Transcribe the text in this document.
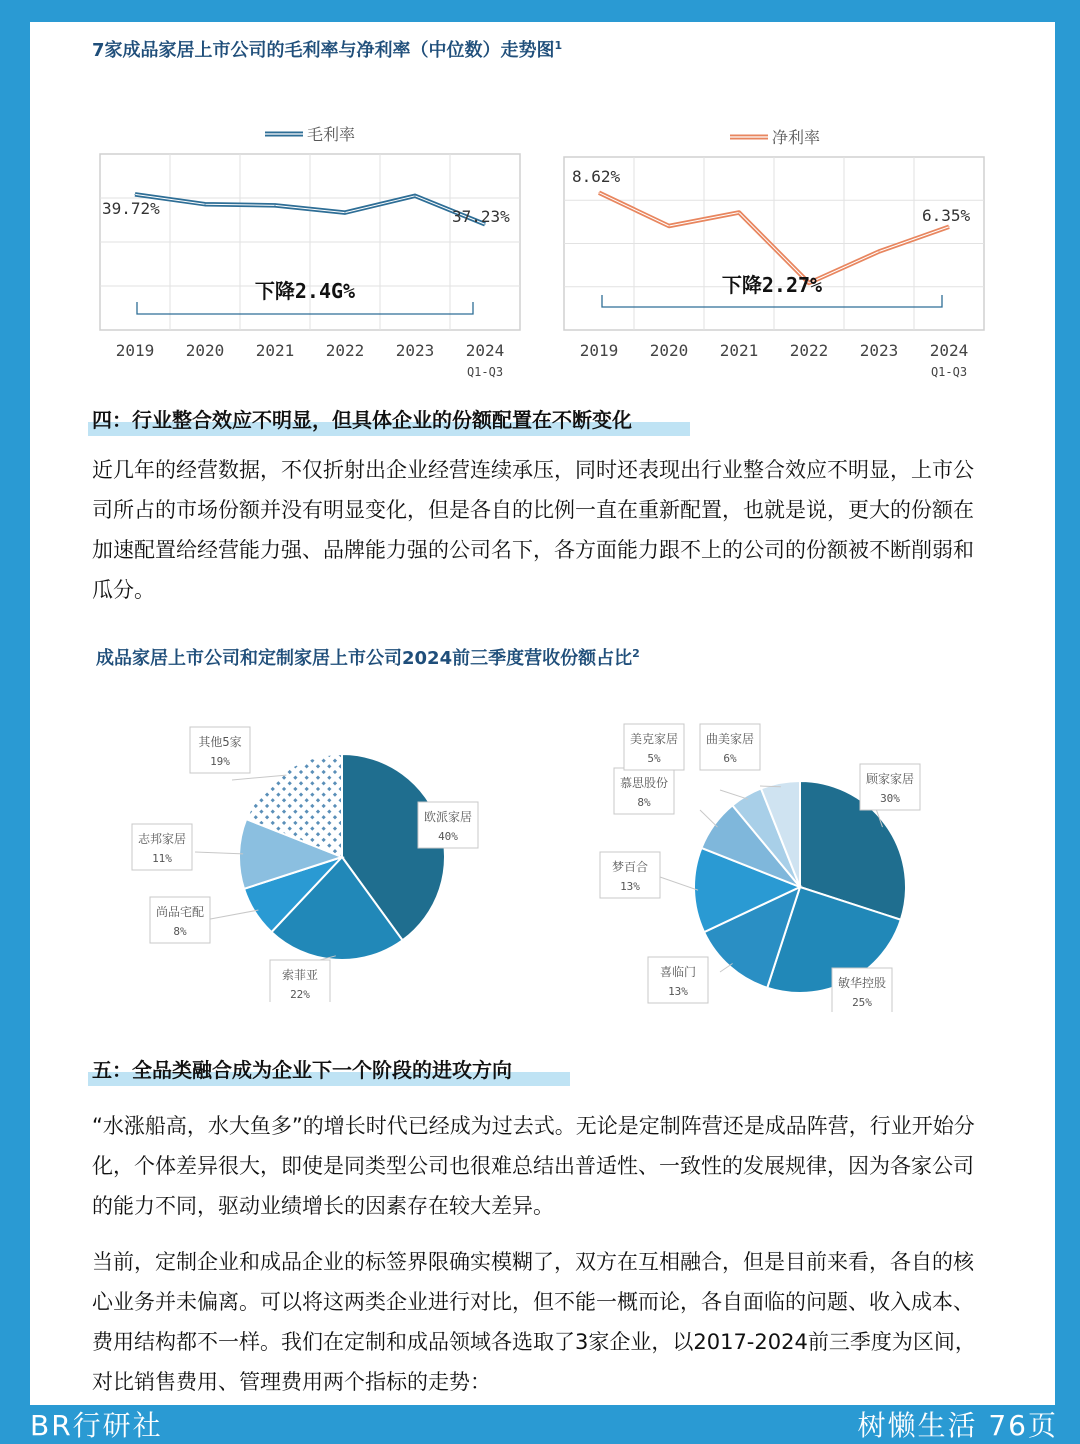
7家成品家居上市公司的毛利率与净利率（中位数）走势图$^1$
毛利率
39.72%	37.23%
下降2.4G%
2019 2020 2021 2022 2023 2024
Q1-Q3
净利率
8.62%
6.35%
下降2.27%
2019 2020 2021 2022 2023 2024
Q1-Q3
四：行业整合效应不明显，但具体企业的份额配置在不断变化
近几年的经营数据，不仅折射出企业经营连续承压，同时还表现出行业整合效应不明显，上市公司所占的市场份额并没有明显变化，但是各自的比例一直在重新配置，也就是说，更大的份额在加速配置给经营能力强、品牌能力强的公司名下，各方面能力跟不上的公司的份额被不断削弱和瓜分。
成品家居上市公司和定制家居上市公司2024前三季度营收份额占比$^2$
欧派家居
40%
索菲亚
22%
尚品宅配
8%
志邦家居
11%
其他5家
19%
顾家家居
30%
敏华控股
25%
喜临门
13%
梦百合
13%
慕思股份
8%
美克家居
5%
曲美家居
6%
五：全品类融合成为企业下一个阶段的进攻方向
“水涨船高，水大鱼多”的增长时代已经成为过去式。无论是定制阵营还是成品阵营，行业开始分化，个体差异很大，即使是同类型公司也很难总结出普适性、一致性的发展规律，因为各家公司的能力不同，驱动业绩增长的因素存在较大差异。
当前，定制企业和成品企业的标签界限确实模糊了，双方在互相融合，但是目前来看，各自的核心业务并未偏离。可以将这两类企业进行对比，但不能一概而论，各自面临的问题、收入成本、费用结构都不一样。我们在定制和成品领域各选取了3家企业，以2017-2024前三季度为区间，对比销售费用、管理费用两个指标的走势：
BR行研社	树懒生活 76页
